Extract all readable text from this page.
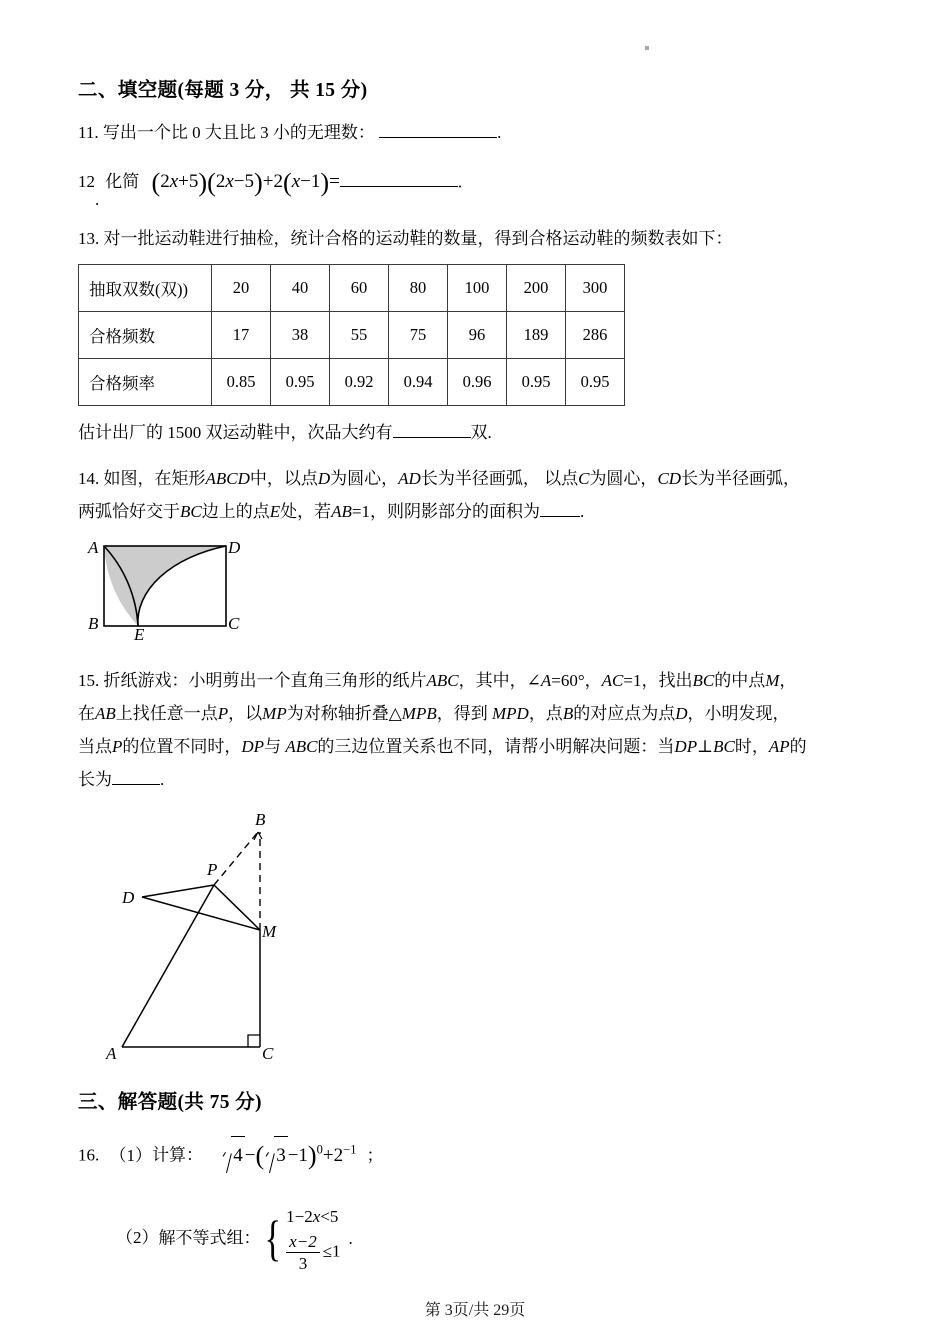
二、填空题(每题 3 分， 共 15 分)
11. 写出一个比 0 大且比 3 小的无理数：	.
12
.
化简 (2x+5)(2x−5)+2(x−1)=	.
13. 对一批运动鞋进行抽检，统计合格的运动鞋的数量，得到合格运动鞋的频数表如下：
抽取双数(双))	20	40	60	80	100	200	300
合格频数	17	38	55	75	96	189	286
合格频率	0.85	0.95	0.92	0.94	0.96	0.95	0.95
估计出厂的 1500 双运动鞋中，次品大约有	双.
14. 如图，在矩形ABCD中，以点D为圆心，AD长为半径画弧， 以点C为圆心，CD长为半径画弧，
两弧恰好交于BC边上的点E处，若AB=1，则阴影部分的面积为 .
A	D
B	C
E
15. 折纸游戏：小明剪出一个直角三角形的纸片ABC，其中，∠A=60°，AC=1，找出BC的中点M，
在AB上找任意一点P，以MP为对称轴折叠△MPB，得到 MPD，点B的对应点为点D，小明发现，
当点P的位置不同时，DP与 ABC的三边位置关系也不同，请帮小明解决问题：当DP⊥BC时，AP的
长为	.
A	C
B
M
P
D
三、解答题(共 75 分)
16. （1）计算： 4 −( $3 -1)^0+2^{-1}$ ；
（2）解不等式组：{ 1−2x<5
$\frac{x-2}{3} \le 1$
.
第 3页/共 29页
